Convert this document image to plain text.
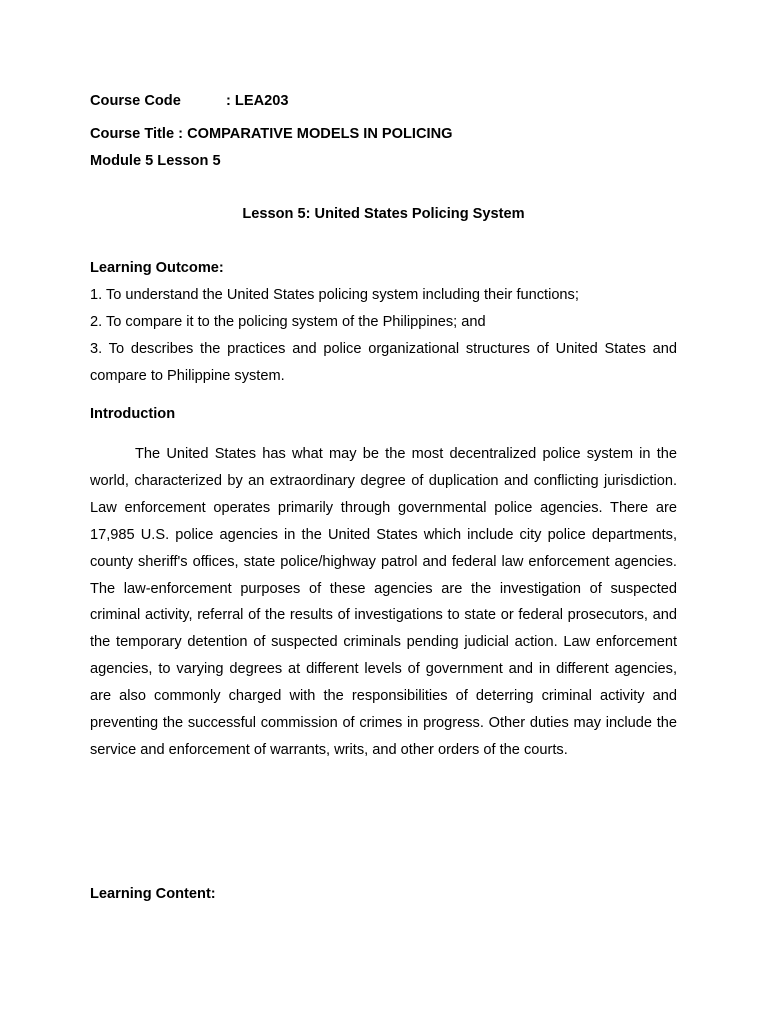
Course Code	: LEA203
Course Title : COMPARATIVE MODELS IN POLICING
Module 5 Lesson 5
Lesson 5: United States Policing System
Learning Outcome:
1. To understand the United States policing system including their functions;
2. To compare it to the policing system of the Philippines; and
3. To describes the practices and police organizational structures of United States and compare to Philippine system.
Introduction

The United States has what may be the most decentralized police system in the world, characterized by an extraordinary degree of duplication and conflicting jurisdiction. Law enforcement operates primarily through governmental police agencies. There are 17,985 U.S. police agencies in the United States which include city police departments, county sheriff's offices, state police/highway patrol and federal law enforcement agencies. The law-enforcement purposes of these agencies are the investigation of suspected criminal activity, referral of the results of investigations to state or federal prosecutors, and the temporary detention of suspected criminals pending judicial action. Law enforcement agencies, to varying degrees at different levels of government and in different agencies, are also commonly charged with the responsibilities of deterring criminal activity and preventing the successful commission of crimes in progress. Other duties may include the service and enforcement of warrants, writs, and other orders of the courts.

Learning Content:
